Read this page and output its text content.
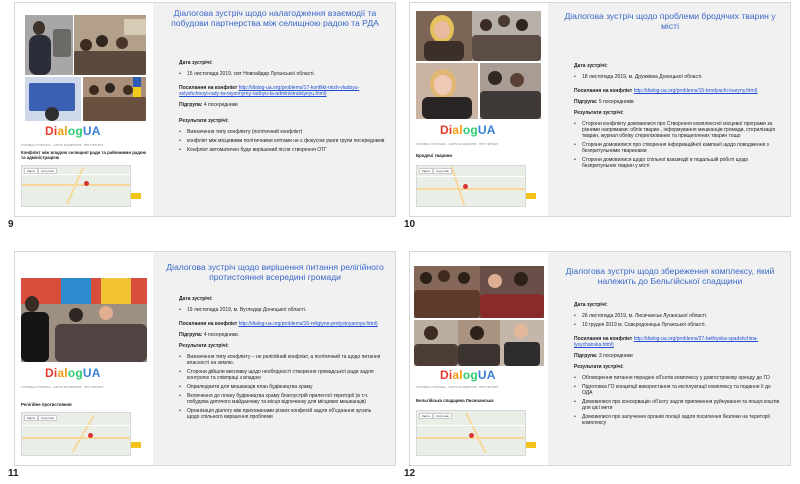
DialogUA
ГОЛОВНА СТОРІНКА · КАРТА КОНФЛІКТІВ · ПРО ПРОЄКТ
Конфлікт між владою селищної ради та районними радою та адміністрацією
Карта	Супутник
Діалогова зустріч щодо налагодження взаємодії та побудови партнерства між селищною радою та РДА
Дата зустрічі:
• 15 листопада 2019, смт Новоайдар Луганської області.
Посилання на конфлікт http://dialog-ua.org/problems/17-konflikt-mizh-vladoyu-selyshchnoyi-rady-ta-rayonnymy-radoyu-ta-administratsiyeyu.html)
Підгрупа: 4 посередники
Результати зустрічі:
• Визначення типу конфлікту (політичний конфлікт)
• конфлікт між місцевими політичними елітами не є фокусом уваги групи посередників
• Конфлікт автоматично буде вирішений після створення ОТГ
9
DialogUA
ГОЛОВНА СТОРІНКА · КАРТА КОНФЛІКТІВ · ПРО ПРОЄКТ
Бродячі тварини
Карта	Супутник
Діалогова зустріч щодо проблеми бродячих тварин у місті
Дата зустрічі:
• 18 листопада 2019, м. Дружківка Донецької області.
Посилання на конфлікт http://dialog-ua.org/problems/15-brodyachi-tvaryny.html)
Підгрупа: 5 посередників
Результати зустрічі:
• Сторони конфлікту домовилися про Створення комплексної місцевої програми за різними напрямами: облік тварин , інформування мешканців громади, стерилізація тварин, журнал обліку стерилізованих та прищеплених тварин тощо
• Сторони домовилися про створення інформаційної кампанії щодо поводження з безпритульними тваринами
• Сторони домовилися щодо спільної взаємодії в подальшій роботі щодо безпритульних тварин у місті
10
DialogUA
ГОЛОВНА СТОРІНКА · КАРТА КОНФЛІКТІВ · ПРО ПРОЄКТ
Релігійне протистояння
Карта	Супутник
Діалогова зустріч щодо вирішення питання релігійного протистояння всередині громади
Дата зустрічі:
• 19 листопада 2019, м. Вугледар Донецької області.
Посилання на конфлікт http://dialog-ua.org/problems/16-religiyne-protystoyannya.html)
Підгрупа: 4 посередники.
Результати зустрічі:
• Визначення типу конфлікту – не релігійний конфлікт, а політичний та щодо питання власності на землю.
• Сторони дійшли висновку щодо необхідності створення громадської ради задля контролю та співпраці з владою
• Оприлюднити для мешканців план будівництва храму
• Включення до плану будівництва храму благоустрій прилеглої території (в т.ч. побудова дитячого майданчику та місця відпочинку для місцевих мешканців)
• Організація діалогу між прихожанами різних конфесій задля об'єднання зусиль щодо спільного вирішення проблеми
11
DialogUA
ГОЛОВНА СТОРІНКА · КАРТА КОНФЛІКТІВ · ПРО ПРОЄКТ
Бельгійська спадщина Лисичанська
Карта	Супутник
Діалогова зустріч щодо збереження комплексу, який належить до Бельгійської спадщини
Дата зустрічі:
• 26 листопада 2019, м. Лисичанськ Луганської області.
• 10 грудня 2019 м. Сєвєродонецьк Луганської області.
Посилання на конфлікт http://dialog-ua.org/problems/27-belhiyska-spadshchina-lysychanska.html)
Підгрупа: 3 посередники
Результати зустрічі:
• Обговорення питання передачі об'єктів комплексу у довгострокову оренду до ГО
• Підготовка ГО концепції використання та експлуатації комплексу та подання її до ОДА
• Домовилися про консервацію об'єкту задля припинення руйнування та пошук коштів для цієї мети
• Домовилися про залучення органів поліції задля посилення безпеки на території комплексу
12
